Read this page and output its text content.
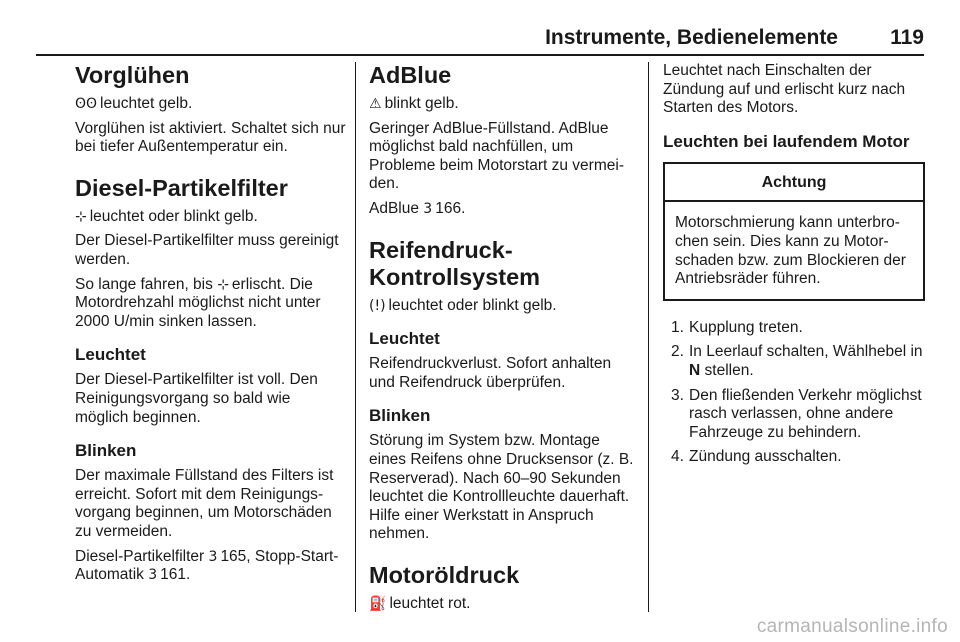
Instrumente, Bedienelemente 119
Vorglühen

ʘʘ leuchtet gelb.

Vorglühen ist aktiviert. Schaltet sich nur bei tiefer Außentemperatur ein.

Diesel-Partikelfilter

⊹ leuchtet oder blinkt gelb.

Der Diesel-Partikelfilter muss gereinigt werden.

So lange fahren, bis ⊹ erlischt. Die Motordrehzahl möglichst nicht unter 2000 U/min sinken lassen.

Leuchtet

Der Diesel-Partikelfilter ist voll. Den Reinigungsvorgang so bald wie möglich beginnen.

Blinken

Der maximale Füllstand des Filters ist erreicht. Sofort mit dem Reinigungsvorgang beginnen, um Motorschäden zu vermeiden.

Diesel-Partikelfilter 3 165, Stopp-Start-Automatik 3 161.

AdBlue

⚠ blinkt gelb.

Geringer AdBlue-Füllstand. AdBlue möglichst bald nachfüllen, um Probleme beim Motorstart zu vermeiden.

AdBlue 3 166.

Reifendruck-Kontrollsystem

(!) leuchtet oder blinkt gelb.

Leuchtet

Reifendruckverlust. Sofort anhalten und Reifendruck überprüfen.

Blinken

Störung im System bzw. Montage eines Reifens ohne Drucksensor (z. B. Reserverad). Nach 60–90 Sekunden leuchtet die Kontrollleuchte dauerhaft. Hilfe einer Werkstatt in Anspruch nehmen.

Motoröldruck

⛽ leuchtet rot.

Leuchtet nach Einschalten der Zündung auf und erlischt kurz nach Starten des Motors.

Leuchten bei laufendem Motor
Achtung
Motorschmierung kann unterbrochen sein. Dies kann zu Motorschaden bzw. zum Blockieren der Antriebsräder führen.
1. Kupplung treten.
2. In Leerlauf schalten, Wählhebel in N stellen.
3. Den fließenden Verkehr möglichst rasch verlassen, ohne andere Fahrzeuge zu behindern.
4. Zündung ausschalten.
carmanualsonline.info
